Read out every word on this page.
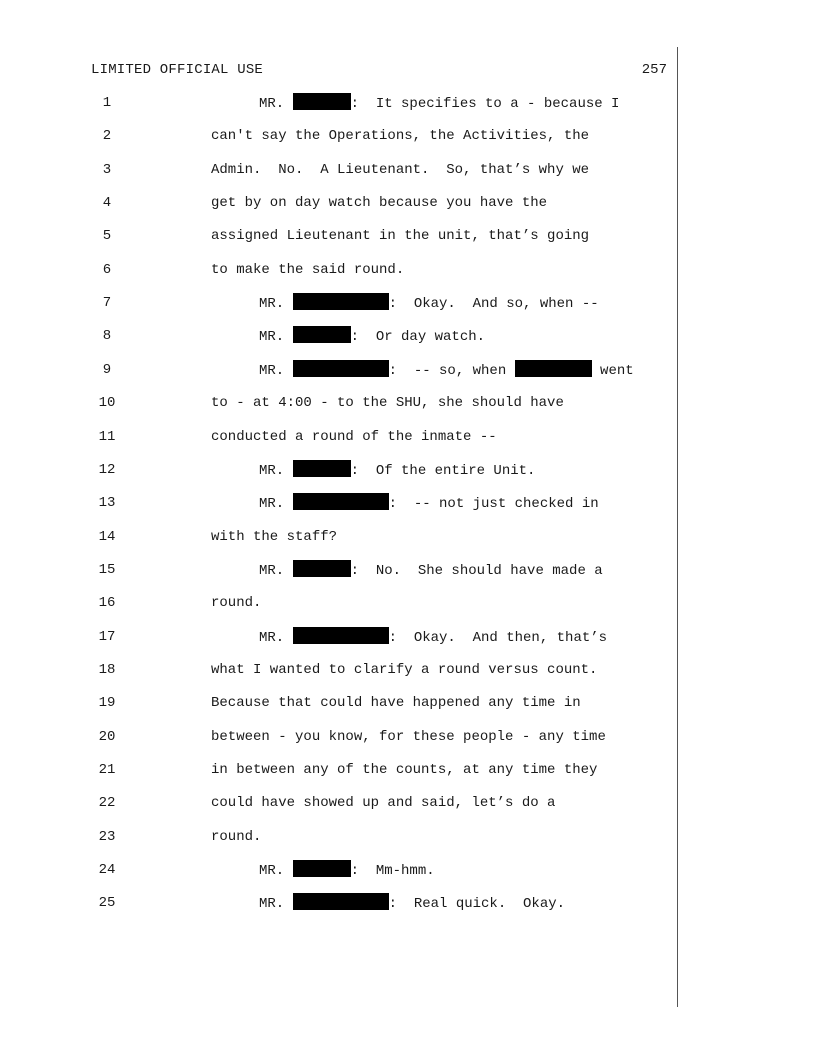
LIMITED OFFICIAL USE	257
1	MR.	:  It specifies to a - because I
2	can't say the Operations, the Activities, the
3	Admin.  No.  A Lieutenant.  So, that’s why we
4	get by on day watch because you have the
5	assigned Lieutenant in the unit, that’s going
6	to make the said round.
7	MR.	:  Okay.  And so, when --
8	MR.	:  Or day watch.
9	MR.	:  -- so, when	went
10	to - at 4:00 - to the SHU, she should have
11	conducted a round of the inmate --
12	MR.	:  Of the entire Unit.
13	MR.	:  -- not just checked in
14	with the staff?
15	MR.	:  No.  She should have made a
16	round.
17	MR.	:  Okay.  And then, that’s
18	what I wanted to clarify a round versus count.
19	Because that could have happened any time in
20	between - you know, for these people - any time
21	in between any of the counts, at any time they
22	could have showed up and said, let’s do a
23	round.
24	MR.	:  Mm-hmm.
25	MR.	:  Real quick.  Okay.
